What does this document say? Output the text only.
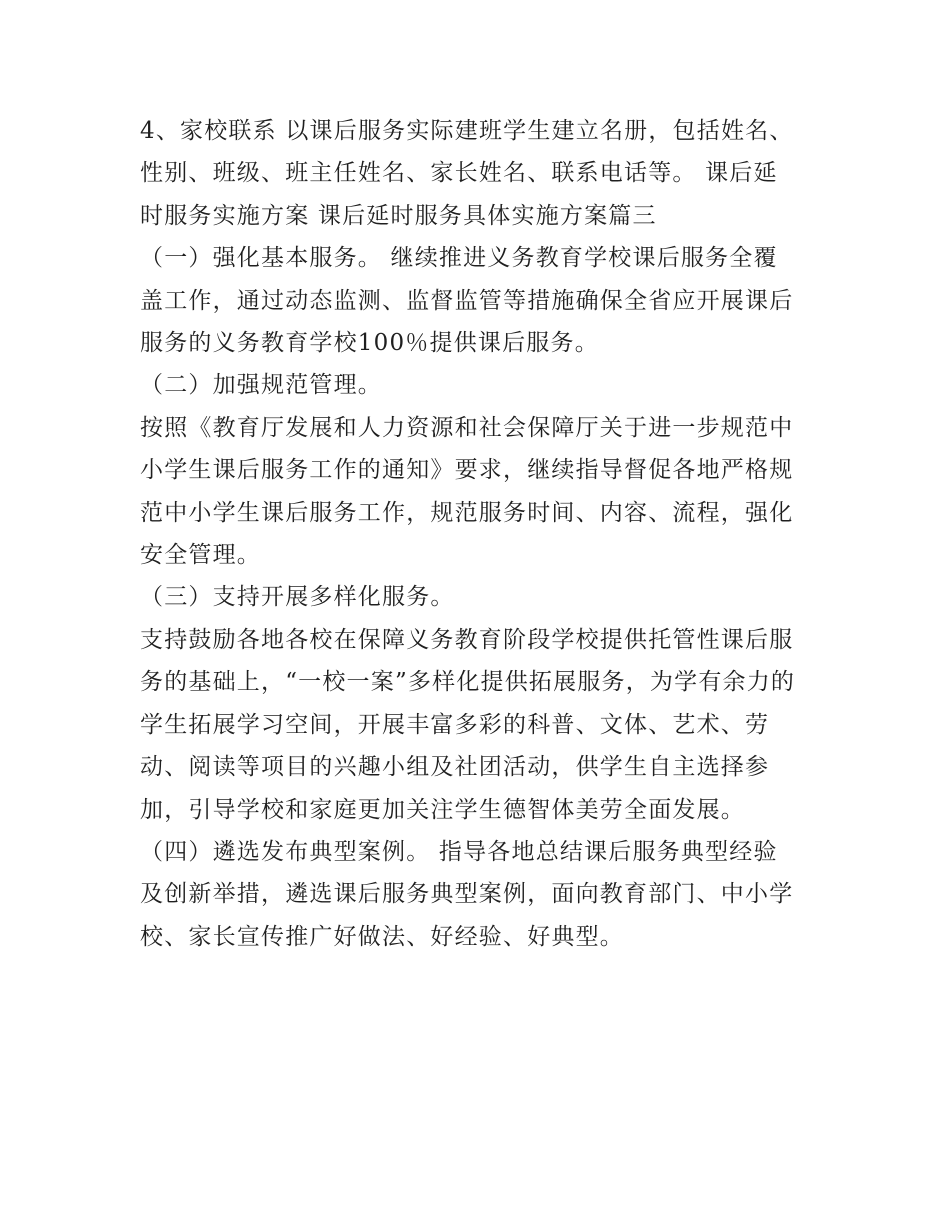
4、家校联系 以课后服务实际建班学生建立名册，包括姓名、
性别、班级、班主任姓名、家长姓名、联系电话等。 课后延
时服务实施方案 课后延时服务具体实施方案篇三

（一）强化基本服务。 继续推进义务教育学校课后服务全覆
盖工作，通过动态监测、监督监管等措施确保全省应开展课后
服务的义务教育学校100％提供课后服务。

（二）加强规范管理。

按照《教育厅发展和人力资源和社会保障厅关于进一步规范中
小学生课后服务工作的通知》要求，继续指导督促各地严格规
范中小学生课后服务工作，规范服务时间、内容、流程，强化
安全管理。

（三）支持开展多样化服务。

支持鼓励各地各校在保障义务教育阶段学校提供托管性课后服
务的基础上，“一校一案”多样化提供拓展服务，为学有余力的
学生拓展学习空间，开展丰富多彩的科普、文体、艺术、劳
动、阅读等项目的兴趣小组及社团活动，供学生自主选择参
加，引导学校和家庭更加关注学生德智体美劳全面发展。

（四）遴选发布典型案例。 指导各地总结课后服务典型经验
及创新举措，遴选课后服务典型案例，面向教育部门、中小学
校、家长宣传推广好做法、好经验、好典型。
